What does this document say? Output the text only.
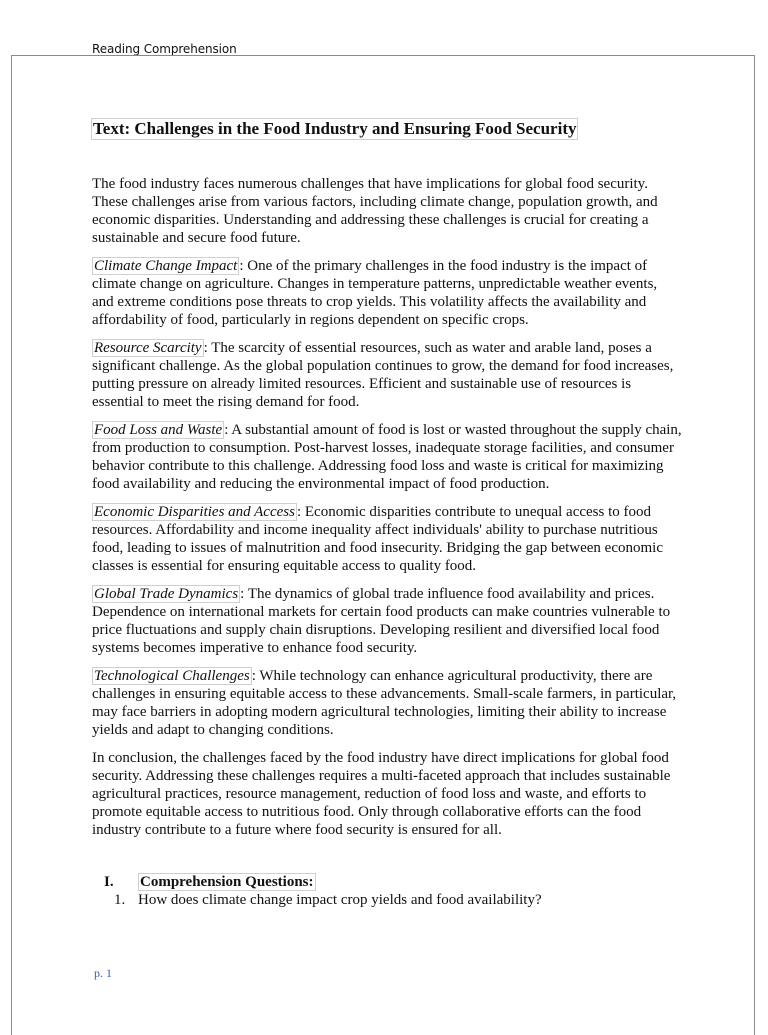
Reading Comprehension
Text: Challenges in the Food Industry and Ensuring Food Security

The food industry faces numerous challenges that have implications for global food security. These challenges arise from various factors, including climate change, population growth, and economic disparities. Understanding and addressing these challenges is crucial for creating a sustainable and secure food future.

Climate Change Impact : One of the primary challenges in the food industry is the impact of climate change on agriculture. Changes in temperature patterns, unpredictable weather events, and extreme conditions pose threats to crop yields. This volatility affects the availability and affordability of food, particularly in regions dependent on specific crops.

Resource Scarcity : The scarcity of essential resources, such as water and arable land, poses a significant challenge. As the global population continues to grow, the demand for food increases, putting pressure on already limited resources. Efficient and sustainable use of resources is essential to meet the rising demand for food.

Food Loss and Waste : A substantial amount of food is lost or wasted throughout the supply chain, from production to consumption. Post-harvest losses, inadequate storage facilities, and consumer behavior contribute to this challenge. Addressing food loss and waste is critical for maximizing food availability and reducing the environmental impact of food production.

Economic Disparities and Access : Economic disparities contribute to unequal access to food resources. Affordability and income inequality affect individuals' ability to purchase nutritious food, leading to issues of malnutrition and food insecurity. Bridging the gap between economic classes is essential for ensuring equitable access to quality food.

Global Trade Dynamics : The dynamics of global trade influence food availability and prices. Dependence on international markets for certain food products can make countries vulnerable to price fluctuations and supply chain disruptions. Developing resilient and diversified local food systems becomes imperative to enhance food security.

Technological Challenges : While technology can enhance agricultural productivity, there are challenges in ensuring equitable access to these advancements. Small-scale farmers, in particular, may face barriers in adopting modern agricultural technologies, limiting their ability to increase yields and adapt to changing conditions.

In conclusion, the challenges faced by the food industry have direct implications for global food security. Addressing these challenges requires a multi-faceted approach that includes sustainable agricultural practices, resource management, reduction of food loss and waste, and efforts to promote equitable access to nutritious food. Only through collaborative efforts can the food industry contribute to a future where food security is ensured for all.

I.	Comprehension Questions:
1. How does climate change impact crop yields and food availability?
p. 1
